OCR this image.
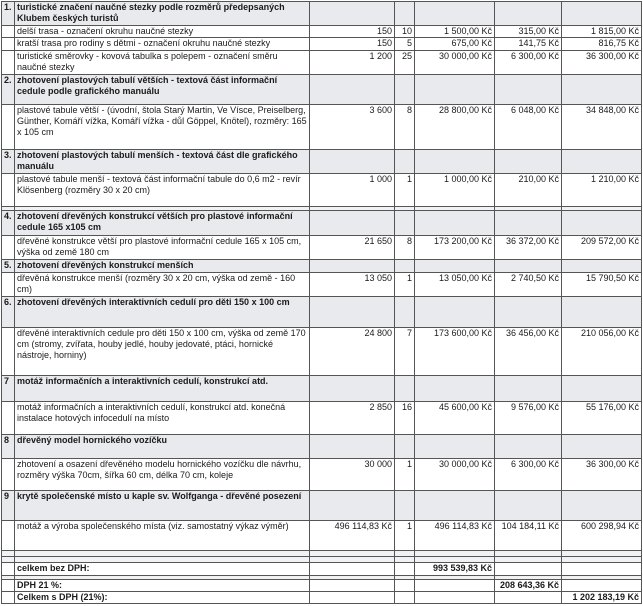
1.	turistické značení naučné stezky podle rozměrů předepsaných Klubem českých turistů					
	delší trasa - označení okruhu naučné stezky	150	10	1 500,00 Kč	315,00 Kč	1 815,00 Kč
	kratší trasa pro rodiny s dětmi - označení okruhu naučné stezky	150	5	675,00 Kč	141,75 Kč	816,75 Kč
	turistické směrovky - kovová tabulka s polepem - označení směru naučné stezky	1 200	25	30 000,00 Kč	6 300,00 Kč	36 300,00 Kč
2.	zhotovení plastových tabulí větších - textová část informační cedule podle grafického manuálu					
	plastové tabule větší - (úvodní, štola Starý Martin, Ve Vísce, Preiselberg, Günther, Komáří vížka, Komáří vížka - důl Göppel, Knötel), rozměry: 165 x 105 cm	3 600	8	28 800,00 Kč	6 048,00 Kč	34 848,00 Kč
3.	zhotovení plastových tabulí menších - textová část dle grafického manuálu					
	plastové tabule menší - textová část informační tabule do 0,6 m2 - revír Klösenberg (rozměry 30 x 20 cm)	1 000	1	1 000,00 Kč	210,00 Kč	1 210,00 Kč

4.	zhotovení dřevěných konstrukcí větších pro plastové informační cedule 165 x105 cm					
	dřevěné konstrukce větší pro plastové informační cedule 165 x 105 cm, výška od země 180 cm	21 650	8	173 200,00 Kč	36 372,00 Kč	209 572,00 Kč
5.	zhotovení dřevěných konstrukcí menších					
	dřevěná konstrukce menší (rozměry 30 x 20 cm, výška od země - 160 cm)	13 050	1	13 050,00 Kč	2 740,50 Kč	15 790,50 Kč
6.	zhotovení dřevěných interaktivních cedulí pro děti 150 x 100 cm					
	dřevěné interaktivních cedule pro děti 150 x 100 cm, výška od země 170 cm (stromy, zvířata, houby jedlé, houby jedovaté, ptáci, hornické nástroje, horniny)	24 800	7	173 600,00 Kč	36 456,00 Kč	210 056,00 Kč
7	motáž informačních a interaktivních cedulí, konstrukcí atd.					
	motáž informačních a interaktivních cedulí, konstrukcí atd. konečná instalace hotových infocedulí na místo	2 850	16	45 600,00 Kč	9 576,00 Kč	55 176,00 Kč
8	dřevěný model hornického vozíčku					
	zhotovení a osazení dřevěného modelu hornického vozíčku dle návrhu, rozměry výška 70cm, šířka 60 cm, délka 70 cm, koleje	30 000	1	30 000,00 Kč	6 300,00 Kč	36 300,00 Kč
9	krytě společenské místo u kaple sv. Wolfganga - dřevěné posezení					
	motáž a výroba společenského místa (viz. samostatný výkaz výměr)	496 114,83 Kč	1	496 114,83 Kč	104 184,11 Kč	600 298,94 Kč

	celkem bez DPH:			993 539,83 Kč		

	DPH 21 %:				208 643,36 Kč	
	Celkem s DPH (21%):					1 202 183,19 Kč
